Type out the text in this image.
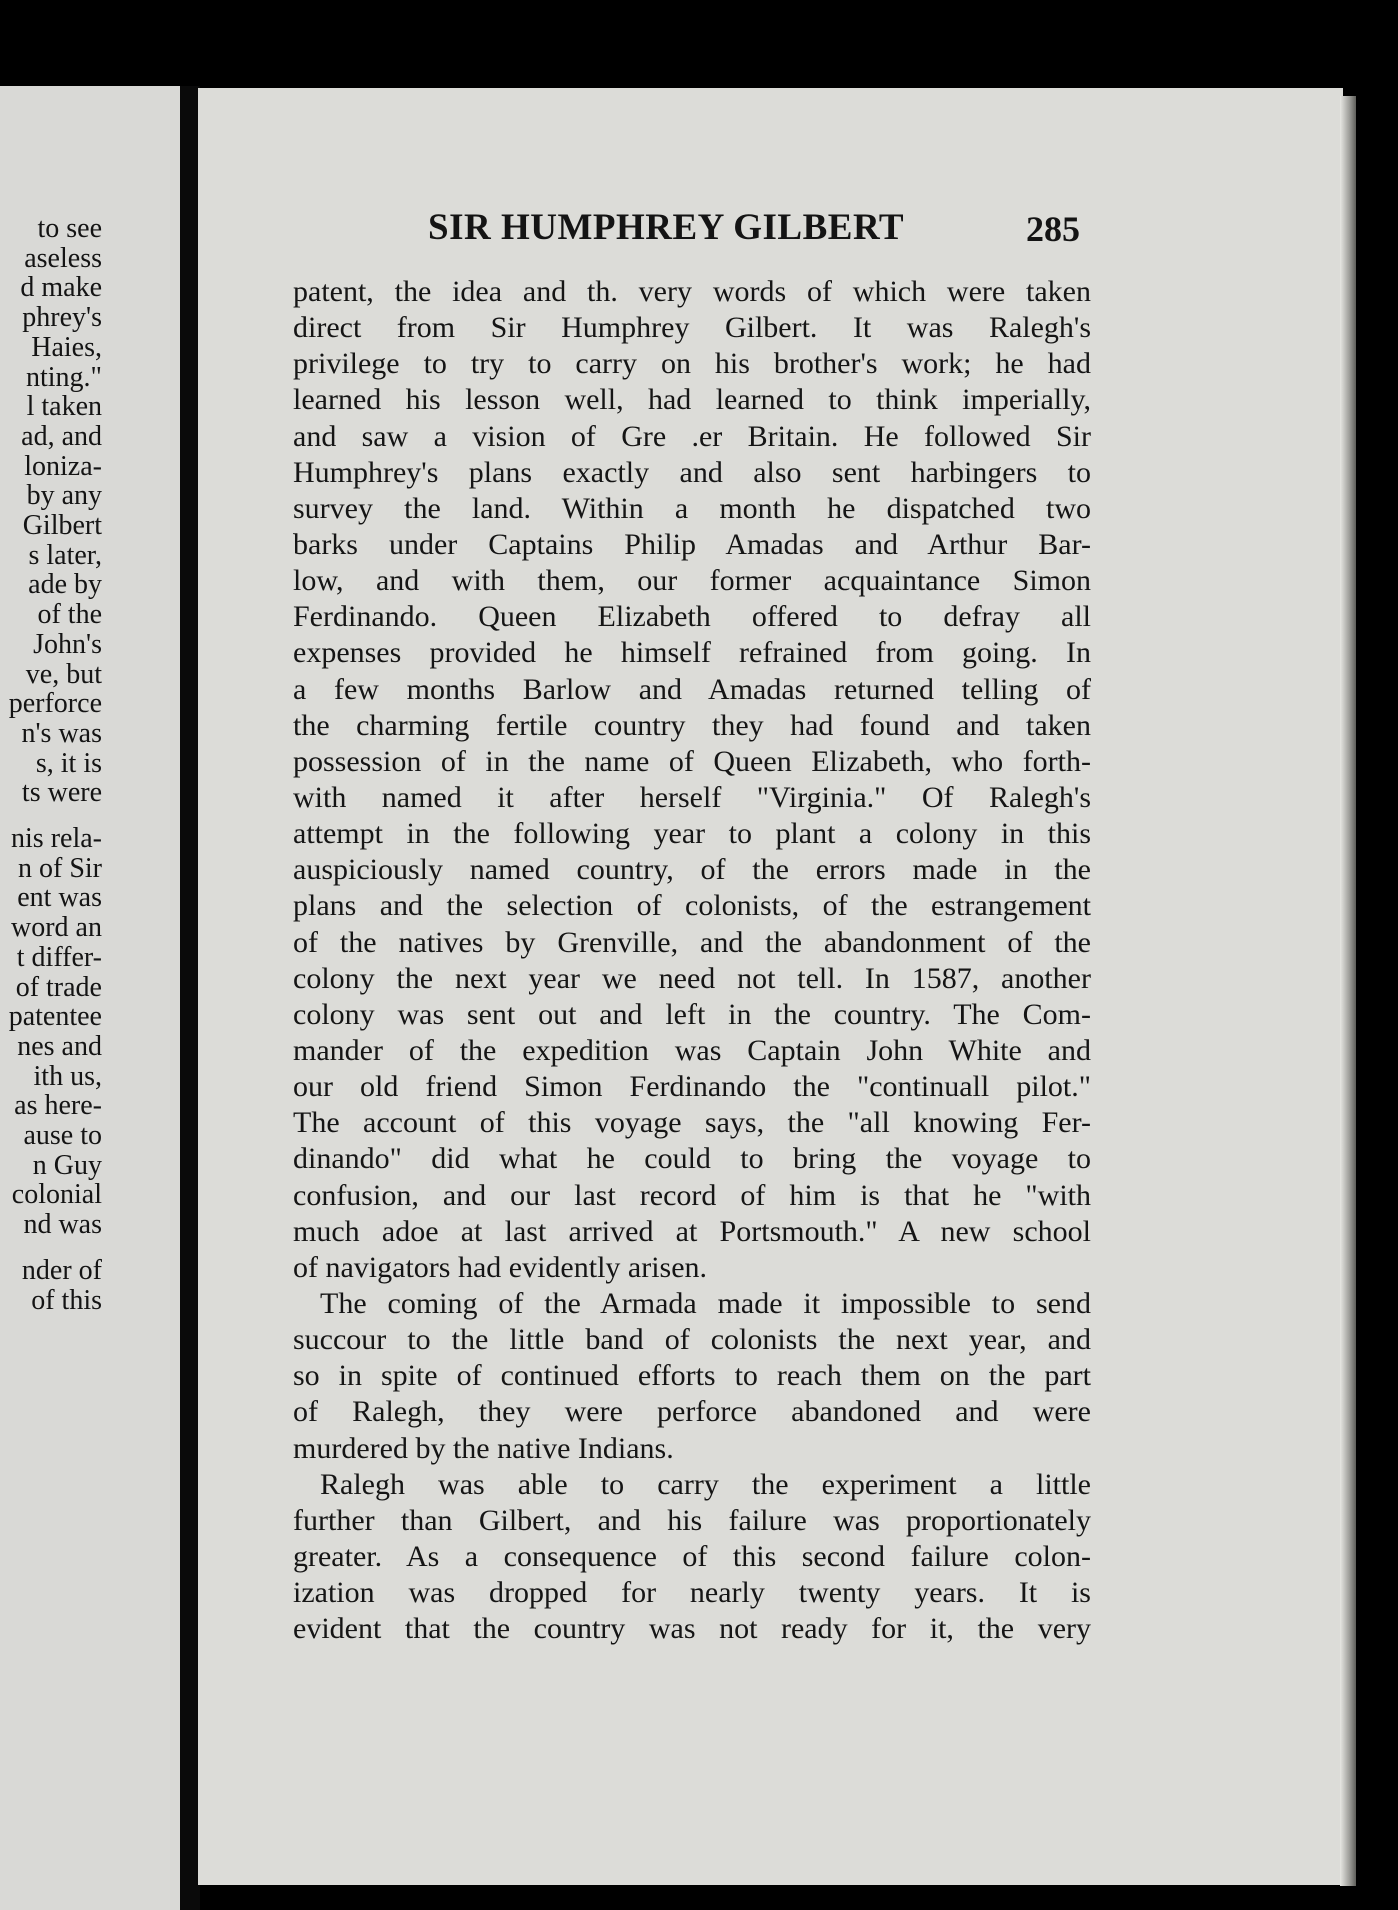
to see
aseless
d make
phrey's
Haies,
nting."
l taken
ad, and
loniza-
by any
Gilbert
s later,
ade by
of the
John's
ve, but
perforce
n's was
s, it is
ts were
nis rela-
n of Sir
ent was
word an
t differ-
of trade
patentee
nes and
ith us,
as here-
ause to
n Guy
colonial
nd was
nder of
of this
SIR HUMPHREY GILBERT	285
patent, the idea and th. very words of which were taken
direct from Sir Humphrey Gilbert. It was Ralegh's
privilege to try to carry on his brother's work; he had
learned his lesson well, had learned to think imperially,
and saw a vision of Gre .er Britain. He followed Sir
Humphrey's plans exactly and also sent harbingers to
survey the land. Within a month he dispatched two
barks under Captains Philip Amadas and Arthur Bar-
low, and with them, our former acquaintance Simon
Ferdinando. Queen Elizabeth offered to defray all
expenses provided he himself refrained from going. In
a few months Barlow and Amadas returned telling of
the charming fertile country they had found and taken
possession of in the name of Queen Elizabeth, who forth-
with named it after herself "Virginia." Of Ralegh's
attempt in the following year to plant a colony in this
auspiciously named country, of the errors made in the
plans and the selection of colonists, of the estrangement
of the natives by Grenville, and the abandonment of the
colony the next year we need not tell. In 1587, another
colony was sent out and left in the country. The Com-
mander of the expedition was Captain John White and
our old friend Simon Ferdinando the "continuall pilot."
The account of this voyage says, the "all knowing Fer-
dinando" did what he could to bring the voyage to
confusion, and our last record of him is that he "with
much adoe at last arrived at Portsmouth." A new school
of navigators had evidently arisen.
The coming of the Armada made it impossible to send
succour to the little band of colonists the next year, and
so in spite of continued efforts to reach them on the part
of Ralegh, they were perforce abandoned and were
murdered by the native Indians.
Ralegh was able to carry the experiment a little
further than Gilbert, and his failure was proportionately
greater. As a consequence of this second failure colon-
ization was dropped for nearly twenty years. It is
evident that the country was not ready for it, the very
